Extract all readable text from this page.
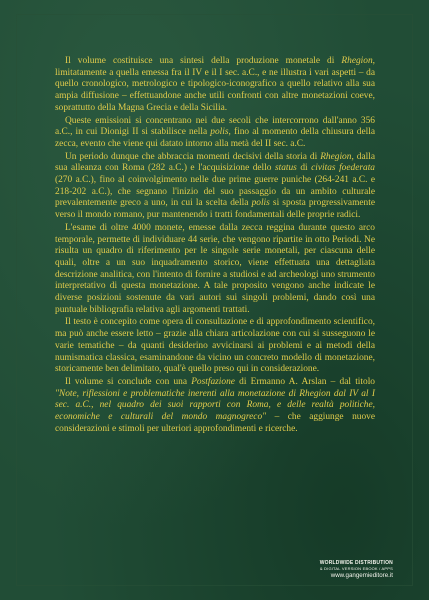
Il volume costituisce una sintesi della produzione monetale di Rhegion, limitatamente a quella emessa fra il IV e il I sec. a.C., e ne illustra i vari aspetti – da quello cronologico, metrologico e tipologico-iconografico a quello relativo alla sua ampia diffusione – effettuandone anche utili confronti con altre monetazioni coeve, soprattutto della Magna Grecia e della Sicilia.

Queste emissioni si concentrano nei due secoli che intercorrono dall'anno 356 a.C., in cui Dionigi II si stabilisce nella polis, fino al momento della chiusura della zecca, evento che viene qui datato intorno alla metà del II sec. a.C.

Un periodo dunque che abbraccia momenti decisivi della storia di Rhegion, dalla sua alleanza con Roma (282 a.C.) e l'acquisizione dello status di civitas foederata (270 a.C.), fino al coinvolgimento nelle due prime guerre puniche (264-241 a.C. e 218-202 a.C.), che segnano l'inizio del suo passaggio da un ambito culturale prevalentemente greco a uno, in cui la scelta della polis si sposta progressivamente verso il mondo romano, pur mantenendo i tratti fondamentali delle proprie radici.

L'esame di oltre 4000 monete, emesse dalla zecca reggina durante questo arco temporale, permette di individuare 44 serie, che vengono ripartite in otto Periodi. Ne risulta un quadro di riferimento per le singole serie monetali, per ciascuna delle quali, oltre a un suo inquadramento storico, viene effettuata una dettagliata descrizione analitica, con l'intento di fornire a studiosi e ad archeologi uno strumento interpretativo di questa monetazione. A tale proposito vengono anche indicate le diverse posizioni sostenute da vari autori sui singoli problemi, dando così una puntuale bibliografia relativa agli argomenti trattati.

Il testo è concepito come opera di consultazione e di approfondimento scientifico, ma può anche essere letto – grazie alla chiara articolazione con cui si susseguono le varie tematiche – da quanti desiderino avvicinarsi ai problemi e ai metodi della numismatica classica, esaminandone da vicino un concreto modello di monetazione, storicamente ben delimitato, qual'è quello preso qui in considerazione.

Il volume si conclude con una Postfazione di Ermanno A. Arslan – dal titolo "Note, riflessioni e problematiche inerenti alla monetazione di Rhegion dal IV al I sec. a.C., nel quadro dei suoi rapporti con Roma, e delle realtà politiche, economiche e culturali del mondo magnogreco" – che aggiunge nuove considerazioni e stimoli per ulteriori approfondimenti e ricerche.

WORLDWIDE DISTRIBUTION
& DIGITAL VERSION EBOOK / APPS
www.gangemieditore.it
